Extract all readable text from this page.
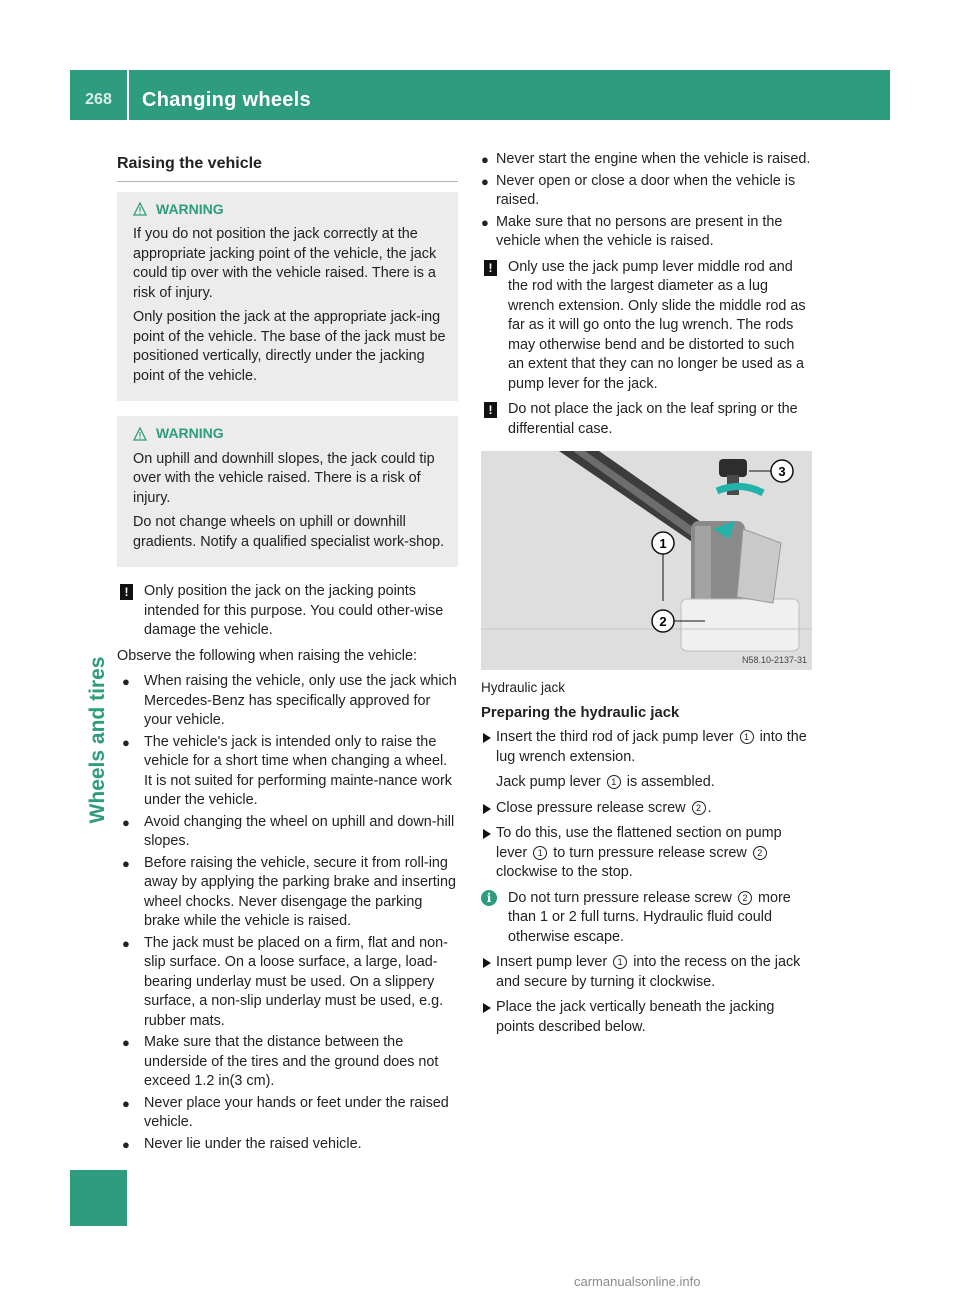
268	Changing wheels
Wheels and tires
Raising the vehicle
WARNING

If you do not position the jack correctly at the appropriate jacking point of the vehicle, the jack could tip over with the vehicle raised. There is a risk of injury.

Only position the jack at the appropriate jack-ing point of the vehicle. The base of the jack must be positioned vertically, directly under the jacking point of the vehicle.

WARNING

On uphill and downhill slopes, the jack could tip over with the vehicle raised. There is a risk of injury.

Do not change wheels on uphill or downhill gradients. Notify a qualified specialist work-shop.

!	Only position the jack on the jacking points intended for this purpose. You could other-wise damage the vehicle.

Observe the following when raising the vehicle:

● When raising the vehicle, only use the jack which Mercedes-Benz has specifically approved for your vehicle.
● The vehicle's jack is intended only to raise the vehicle for a short time when changing a wheel. It is not suited for performing mainte-nance work under the vehicle.
● Avoid changing the wheel on uphill and down-hill slopes.
● Before raising the vehicle, secure it from roll-ing away by applying the parking brake and inserting wheel chocks. Never disengage the parking brake while the vehicle is raised.
● The jack must be placed on a firm, flat and non-slip surface. On a loose surface, a large, load-bearing underlay must be used. On a slippery surface, a non-slip underlay must be used, e.g. rubber mats.
● Make sure that the distance between the underside of the tires and the ground does not exceed 1.2 in(3 cm).
● Never place your hands or feet under the raised vehicle.
● Never lie under the raised vehicle.
● Never start the engine when the vehicle is raised.
● Never open or close a door when the vehicle is raised.
● Make sure that no persons are present in the vehicle when the vehicle is raised.
!	Only use the jack pump lever middle rod and the rod with the largest diameter as a lug wrench extension. Only slide the middle rod as far as it will go onto the lug wrench. The rods may otherwise bend and be distorted to such an extent that they can no longer be used as a pump lever for the jack.
!	Do not place the jack on the leaf spring or the differential case.
1
2
3
N58.10-2137-31

Hydraulic jack

Preparing the hydraulic jack

Insert the third rod of jack pump lever 1 into the lug wrench extension.

Jack pump lever 1 is assembled.

Close pressure release screw 2 .
To do this, use the flattened section on pump lever 1 to turn pressure release screw 2 clockwise to the stop.
i	Do not turn pressure release screw 2 more than 1 or 2 full turns. Hydraulic fluid could otherwise escape.
Insert pump lever 1 into the recess on the jack and secure by turning it clockwise.
Place the jack vertically beneath the jacking points described below.
carmanualsonline.info
